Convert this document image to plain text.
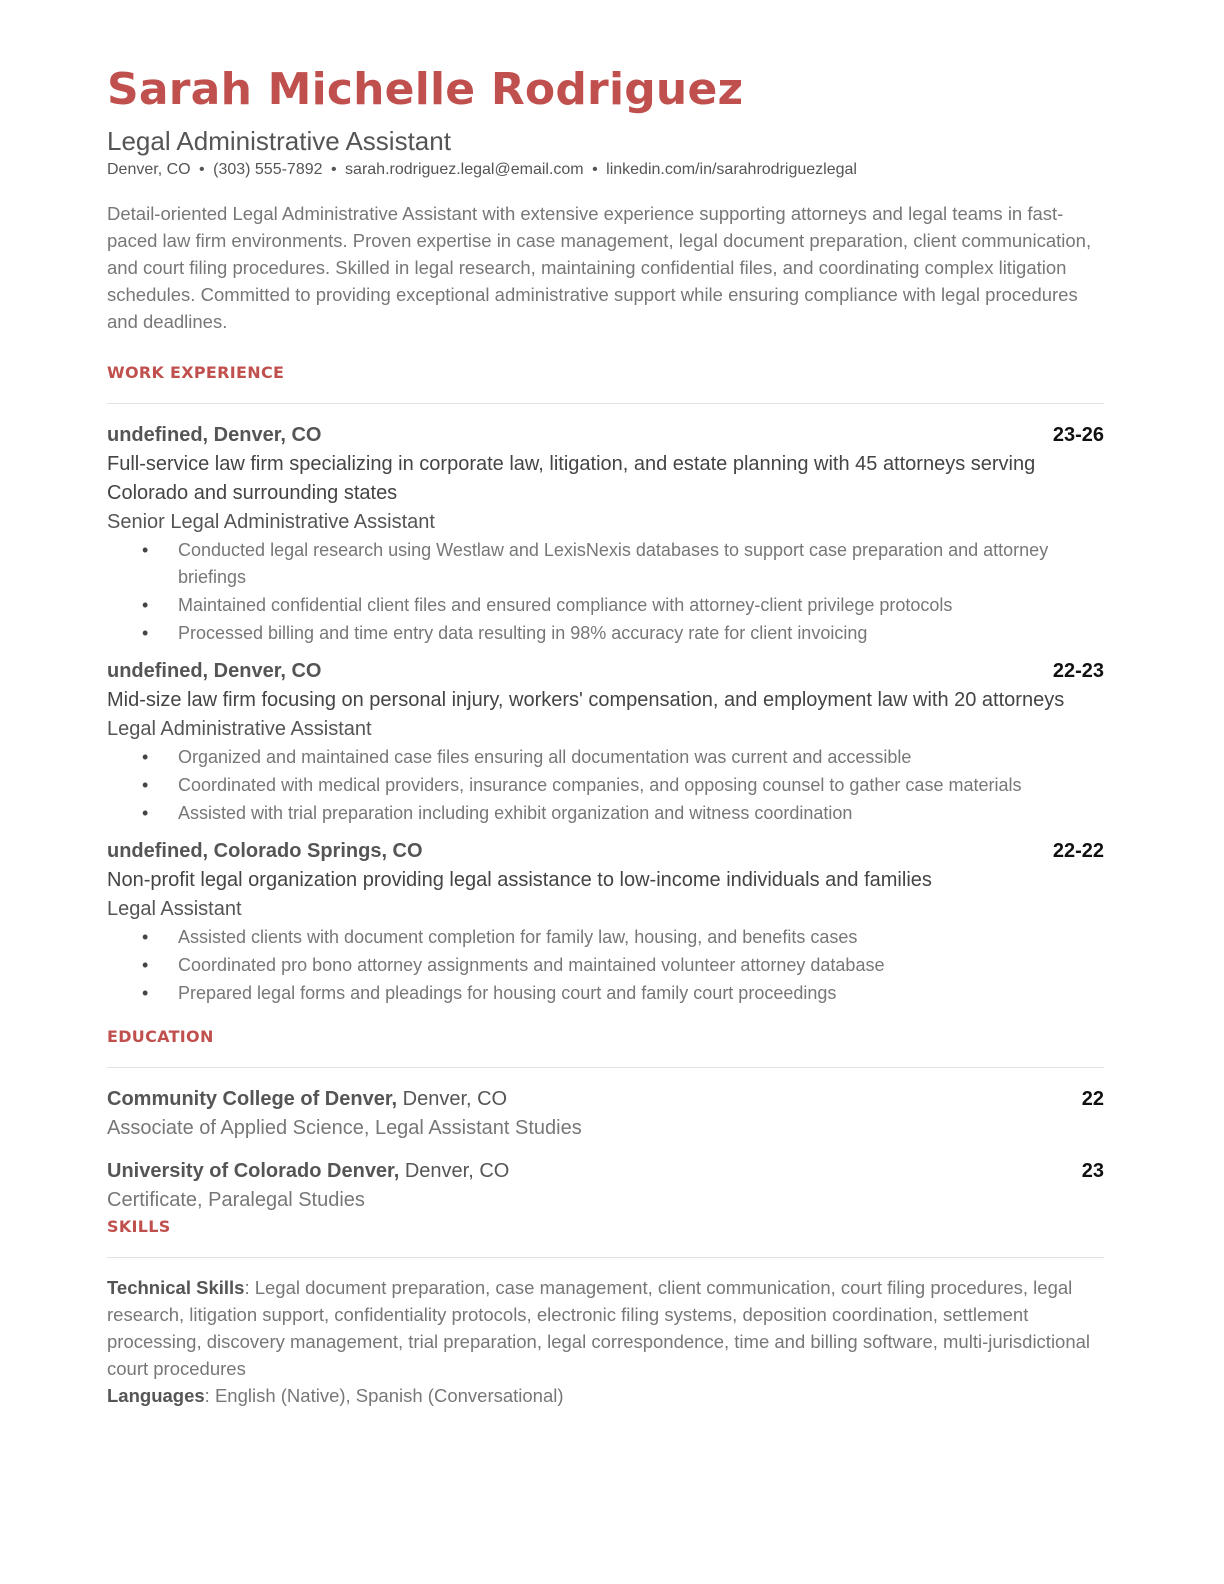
Sarah Michelle Rodriguez
Legal Administrative Assistant
Denver, CO • (303) 555-7892 • sarah.rodriguez.legal@email.com • linkedin.com/in/sarahrodriguezlegal
Detail-oriented Legal Administrative Assistant with extensive experience supporting attorneys and legal teams in fast-paced law firm environments. Proven expertise in case management, legal document preparation, client communication, and court filing procedures. Skilled in legal research, maintaining confidential files, and coordinating complex litigation schedules. Committed to providing exceptional administrative support while ensuring compliance with legal procedures and deadlines.
WORK EXPERIENCE
undefined, Denver, CO	23-26
Full-service law firm specializing in corporate law, litigation, and estate planning with 45 attorneys serving Colorado and surrounding states
Senior Legal Administrative Assistant
• Conducted legal research using Westlaw and LexisNexis databases to support case preparation and attorney briefings
• Maintained confidential client files and ensured compliance with attorney-client privilege protocols
• Processed billing and time entry data resulting in 98% accuracy rate for client invoicing
undefined, Denver, CO	22-23
Mid-size law firm focusing on personal injury, workers' compensation, and employment law with 20 attorneys
Legal Administrative Assistant
• Organized and maintained case files ensuring all documentation was current and accessible
• Coordinated with medical providers, insurance companies, and opposing counsel to gather case materials
• Assisted with trial preparation including exhibit organization and witness coordination
undefined, Colorado Springs, CO	22-22
Non-profit legal organization providing legal assistance to low-income individuals and families
Legal Assistant
• Assisted clients with document completion for family law, housing, and benefits cases
• Coordinated pro bono attorney assignments and maintained volunteer attorney database
• Prepared legal forms and pleadings for housing court and family court proceedings
EDUCATION
Community College of Denver, Denver, CO	22
Associate of Applied Science, Legal Assistant Studies
University of Colorado Denver, Denver, CO	23
Certificate, Paralegal Studies
SKILLS

Technical Skills: Legal document preparation, case management, client communication, court filing procedures, legal research, litigation support, confidentiality protocols, electronic filing systems, deposition coordination, settlement processing, discovery management, trial preparation, legal correspondence, time and billing software, multi-jurisdictional court procedures

Languages: English (Native), Spanish (Conversational)
